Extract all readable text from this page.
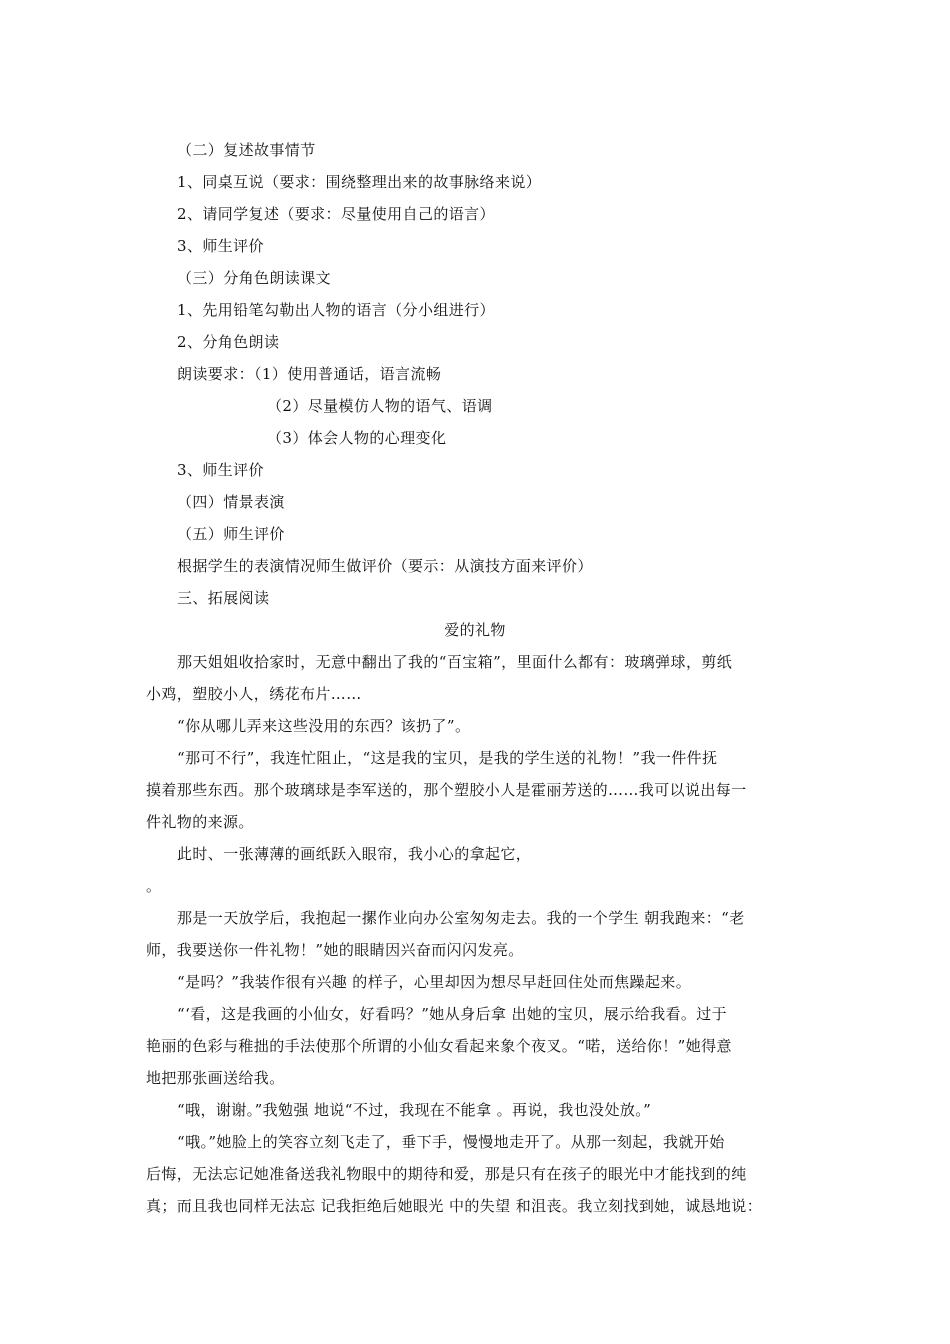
（二）复述故事情节

1、同桌互说（要求：围绕整理出来的故事脉络来说）

2、请同学复述（要求：尽量使用自己的语言）

3、师生评价

（三）分角色朗读课文

1、先用铅笔勾勒出人物的语言（分小组进行）

2、分角色朗读

朗读要求：（1）使用普通话，语言流畅

（2）尽量模仿人物的语气、语调

（3）体会人物的心理变化

3、师生评价

（四）情景表演

（五）师生评价

根据学生的表演情况师生做评价（要示：从演技方面来评价）

三、拓展阅读

爱的礼物

那天姐姐收拾家时，无意中翻出了我的“百宝箱”，里面什么都有：玻璃弹球，剪纸

小鸡，塑胶小人，绣花布片……

“你从哪儿弄来这些没用的东西？该扔了”。

“那可不行”，我连忙阻止，“这是我的宝贝，是我的学生送的礼物！”我一件件抚

摸着那些东西。那个玻璃球是李军送的，那个塑胶小人是霍丽芳送的……我可以说出每一

件礼物的来源。

此时、一张薄薄的画纸跃入眼帘，我小心的拿起它，

。

那是一天放学后，我抱起一摞作业向办公室匆匆走去。我的一个学生 朝我跑来：“老

师，我要送你一件礼物！”她的眼睛因兴奋而闪闪发亮。

“是吗？”我装作很有兴趣 的样子，心里却因为想尽早赶回住处而焦躁起来。

“‘看，这是我画的小仙女，好看吗？”她从身后拿 出她的宝贝，展示给我看。过于

艳丽的色彩与稚拙的手法使那个所谓的小仙女看起来象个夜叉。“喏，送给你！”她得意

地把那张画送给我。

“哦，谢谢。”我勉强 地说“不过，我现在不能拿 。再说，我也没处放。”

“哦。”她脸上的笑容立刻飞走了，垂下手，慢慢地走开了。从那一刻起，我就开始

后悔，无法忘记她准备送我礼物眼中的期待和爱，那是只有在孩子的眼光中才能找到的纯

真；而且我也同样无法忘 记我拒绝后她眼光 中的失望 和沮丧。我立刻找到她，诚恳地说：
